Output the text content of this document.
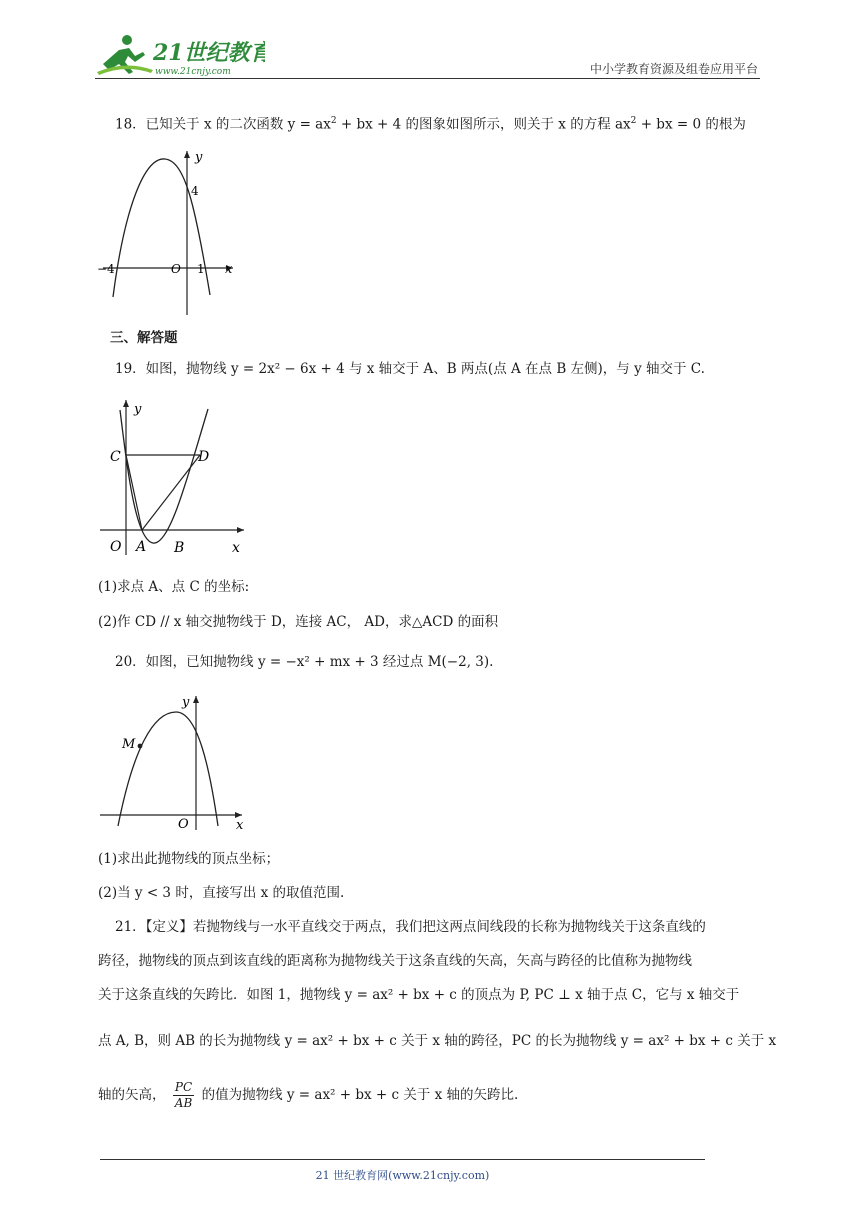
21世纪教育
www.21cnjy.com	中小学教育资源及组卷应用平台
18．已知关于 x 的二次函数 $y = ax^2$ + bx + 4 的图象如图所示，则关于 x 的方程 $ax^2$ + bx = 0 的根为
y
4
−4	O 1 x
三、解答题
19．如图，抛物线 y = 2x² − 6x + 4 与 x 轴交于 A、B 两点(点 A 在点 B 左侧)，与 y 轴交于 C.
y
C	D
O A B	x
(1)求点 A、点 C 的坐标:
(2)作 CD // x 轴交抛物线于 D，连接 AC， AD，求△ACD 的面积
20．如图，已知抛物线 y = −x² + mx + 3 经过点 M(−2, 3).
y
M
O	x
(1)求出此抛物线的顶点坐标；
(2)当 y < 3 时，直接写出 x 的取值范围.
21．【定义】若抛物线与一水平直线交于两点，我们把这两点间线段的长称为抛物线关于这条直线的
跨径，抛物线的顶点到该直线的距离称为抛物线关于这条直线的矢高，矢高与跨径的比值称为抛物线
关于这条直线的矢跨比．如图 1，抛物线 y = ax² + bx + c 的顶点为 P, PC ⊥ x 轴于点 C，它与 x 轴交于
点 A, B，则 AB 的长为抛物线 y = ax² + bx + c 关于 x 轴的跨径，PC 的长为抛物线 y = ax² + bx + c 关于 x
轴的矢高， $\frac{PC}{AB}$ 的值为抛物线 y = ax² + bx + c 关于 x 轴的矢跨比.
21 世纪教育网(www.21cnjy.com)
